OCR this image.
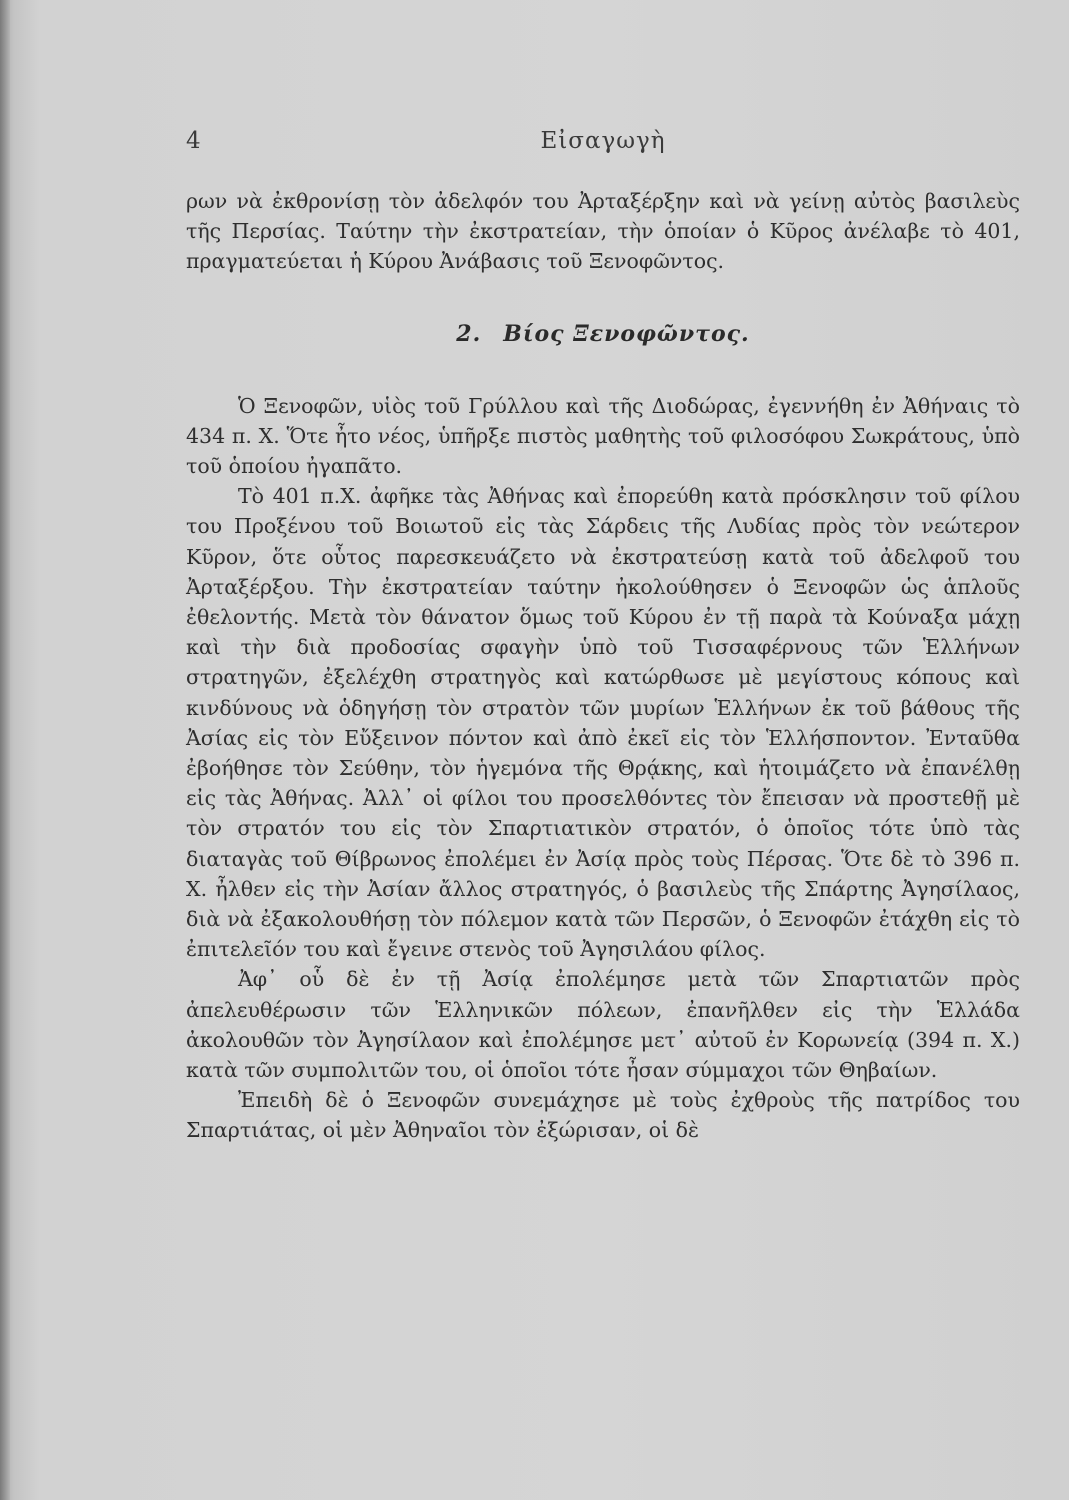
4	Εἰσαγωγὴ

ρων νὰ ἐκθρονίσῃ τὸν ἀδελφόν του Ἀρταξέρξην καὶ νὰ γείνῃ αὐτὸς βασιλεὺς τῆς Περσίας. Ταύτην τὴν ἐκστρατείαν, τὴν ὁποίαν ὁ Κῦρος ἀνέλαβε τὸ 401, πραγματεύεται ἡ Κύρου Ἀνάβασις τοῦ Ξενοφῶντος.

2. Βίος Ξενοφῶντος.

Ὁ Ξενοφῶν, υἱὸς τοῦ Γρύλλου καὶ τῆς Διοδώρας, ἐγεννήθη ἐν Ἀθήναις τὸ 434 π. Χ. Ὅτε ἦτο νέος, ὑπῆρξε πιστὸς μαθητὴς τοῦ φιλοσόφου Σωκράτους, ὑπὸ τοῦ ὁποίου ἠγαπᾶτο.

Τὸ 401 π.Χ. ἀφῆκε τὰς Ἀθήνας καὶ ἐπορεύθη κατὰ πρόσκλησιν τοῦ φίλου του Προξένου τοῦ Βοιωτοῦ εἰς τὰς Σάρδεις τῆς Λυδίας πρὸς τὸν νεώτερον Κῦρον, ὅτε οὗτος παρεσκευάζετο νὰ ἐκστρατεύσῃ κατὰ τοῦ ἀδελφοῦ του Ἀρταξέρξου. Τὴν ἐκστρατείαν ταύτην ἠκολούθησεν ὁ Ξενοφῶν ὡς ἁπλοῦς ἐθελοντής. Μετὰ τὸν θάνατον ὅμως τοῦ Κύρου ἐν τῇ παρὰ τὰ Κούναξα μάχῃ καὶ τὴν διὰ προδοσίας σφαγὴν ὑπὸ τοῦ Τισσαφέρνους τῶν Ἑλλήνων στρατηγῶν, ἐξελέχθη στρατηγὸς καὶ κατώρθωσε μὲ μεγίστους κόπους καὶ κινδύνους νὰ ὁδηγήσῃ τὸν στρατὸν τῶν μυρίων Ἑλλήνων ἐκ τοῦ βάθους τῆς Ἀσίας εἰς τὸν Εὔξεινον πόντον καὶ ἀπὸ ἐκεῖ εἰς τὸν Ἑλλήσποντον. Ἐνταῦθα ἐβοήθησε τὸν Σεύθην, τὸν ἡγεμόνα τῆς Θρᾴκης, καὶ ἡτοιμάζετο νὰ ἐπανέλθῃ εἰς τὰς Ἀθήνας. Ἀλλ᾽ οἱ φίλοι του προσελθόντες τὸν ἔπεισαν νὰ προστεθῇ μὲ τὸν στρατόν του εἰς τὸν Σπαρτιατικὸν στρατόν, ὁ ὁποῖος τότε ὑπὸ τὰς διαταγὰς τοῦ Θίβρωνος ἐπολέμει ἐν Ἀσίᾳ πρὸς τοὺς Πέρσας. Ὅτε δὲ τὸ 396 π. Χ. ἦλθεν εἰς τὴν Ἀσίαν ἄλλος στρατηγός, ὁ βασιλεὺς τῆς Σπάρτης Ἀγησίλαος, διὰ νὰ ἐξακολουθήσῃ τὸν πόλεμον κατὰ τῶν Περσῶν, ὁ Ξενοφῶν ἐτάχθη εἰς τὸ ἐπιτελεῖόν του καὶ ἔγεινε στενὸς τοῦ Ἀγησιλάου φίλος.

Ἀφ᾽ οὗ δὲ ἐν τῇ Ἀσίᾳ ἐπολέμησε μετὰ τῶν Σπαρτιατῶν πρὸς ἀπελευθέρωσιν τῶν Ἑλληνικῶν πόλεων, ἐπανῆλθεν εἰς τὴν Ἑλλάδα ἀκολουθῶν τὸν Ἀγησίλαον καὶ ἐπολέμησε μετ᾽ αὐτοῦ ἐν Κορωνείᾳ (394 π. Χ.) κατὰ τῶν συμπολιτῶν του, οἱ ὁποῖοι τότε ἦσαν σύμμαχοι τῶν Θηβαίων.

Ἐπειδὴ δὲ ὁ Ξενοφῶν συνεμάχησε μὲ τοὺς ἐχθροὺς τῆς πατρίδος του Σπαρτιάτας, οἱ μὲν Ἀθηναῖοι τὸν ἐξώρισαν, οἱ δὲ
